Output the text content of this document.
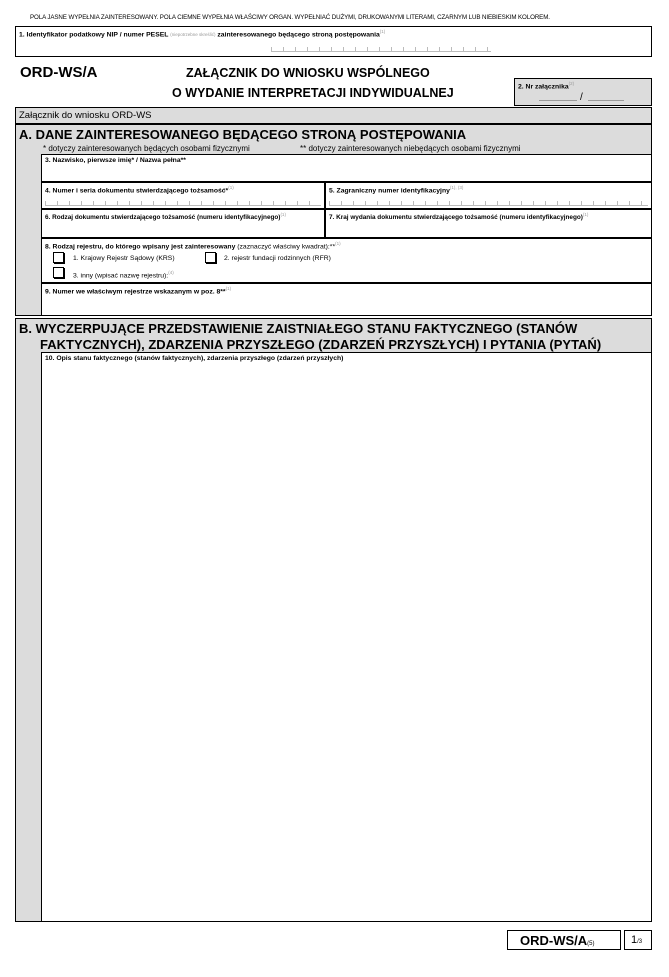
POLA JASNE WYPEŁNIA ZAINTERESOWANY. POLA CIEMNE WYPEŁNIA WŁAŚCIWY ORGAN. WYPEŁNIAĆ DUŻYMI, DRUKOWANYMI LITERAMI, CZARNYM LUB NIEBIESKIM KOLOREM.
1. Identyfikator podatkowy NIP / numer PESEL (niepotrzebne skreślić) zainteresowanego będącego stroną postępowania$^{(1)}$
ORD-WS/A	ZAŁĄCZNIK DO WNIOSKU WSPÓLNEGO
O WYDANIE INTERPRETACJI INDYWIDUALNEJ	2. Nr załącznika$^{(2)}$
/
Załącznik do wniosku ORD-WS
A. DANE ZAINTERESOWANEGO BĘDĄCEGO STRONĄ POSTĘPOWANIA
* dotyczy zainteresowanych będących osobami fizycznymi	** dotyczy zainteresowanych niebędących osobami fizycznymi
3. Nazwisko, pierwsze imię* / Nazwa pełna**
4. Numer i seria dokumentu stwierdzającego tożsamość*$^{(1)}$	5. Zagraniczny numer identyfikacyjny$^{(1), (3)}$
6. Rodzaj dokumentu stwierdzającego tożsamość (numeru identyfikacyjnego)$^{(1)}$	7. Kraj wydania dokumentu stwierdzającego tożsamość (numeru identyfikacyjnego)$^{(1)}$
8. Rodzaj rejestru, do którego wpisany jest zainteresowany (zaznaczyć właściwy kwadrat):**$^{(1)}$
1. Krajowy Rejestr Sądowy (KRS)	2. rejestr fundacji rodzinnych (RFR)
3. inny (wpisać nazwę rejestru):$^{(4)}$
9. Numer we właściwym rejestrze wskazanym w poz. 8**$^{(1)}$
B. WYCZERPUJĄCE PRZEDSTAWIENIE ZAISTNIAŁEGO STANU FAKTYCZNEGO (STANÓW
FAKTYCZNYCH), ZDARZENIA PRZYSZŁEGO (ZDARZEŃ PRZYSZŁYCH) I PYTANIA (PYTAŃ)
10. Opis stanu faktycznego (stanów faktycznych), zdarzenia przyszłego (zdarzeń przyszłych)
ORD-WS/A(5)	1/3
